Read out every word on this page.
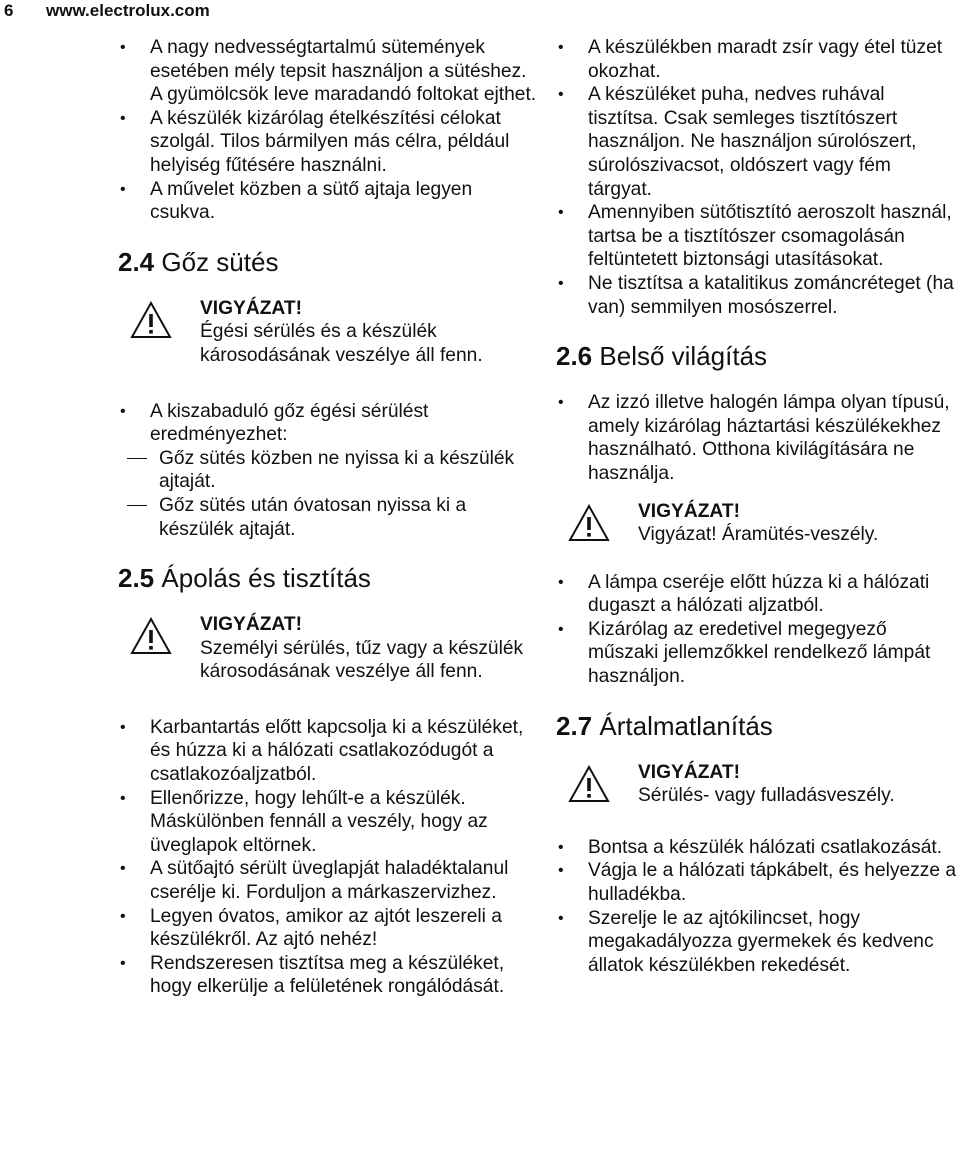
6	www.electrolux.com
• A nagy nedvességtartalmú sütemények esetében mély tepsit használjon a sütéshez. A gyümölcsök leve maradandó foltokat ejthet.
• A készülék kizárólag ételkészítési célokat szolgál. Tilos bármilyen más célra, például helyiség fűtésére használni.
• A művelet közben a sütő ajtaja legyen csukva.
2.4 Gőz sütés
VIGYÁZAT!
Égési sérülés és a készülék károsodásának veszélye áll fenn.
• A kiszabaduló gőz égési sérülést eredményezhet:
Gőz sütés közben ne nyissa ki a készülék ajtaját.
Gőz sütés után óvatosan nyissa ki a készülék ajtaját.
2.5 Ápolás és tisztítás
VIGYÁZAT!
Személyi sérülés, tűz vagy a készülék károsodásának veszélye áll fenn.
• Karbantartás előtt kapcsolja ki a készüléket, és húzza ki a hálózati csatlakozódugót a csatlakozóaljzatból.
• Ellenőrizze, hogy lehűlt-e a készülék. Máskülönben fennáll a veszély, hogy az üveglapok eltörnek.
• A sütőajtó sérült üveglapját haladéktalanul cserélje ki. Forduljon a márkaszervizhez.
• Legyen óvatos, amikor az ajtót leszereli a készülékről. Az ajtó nehéz!
• Rendszeresen tisztítsa meg a készüléket, hogy elkerülje a felületének rongálódását.
• A készülékben maradt zsír vagy étel tüzet okozhat.
• A készüléket puha, nedves ruhával tisztítsa. Csak semleges tisztítószert használjon. Ne használjon súrolószert, súrolószivacsot, oldószert vagy fém tárgyat.
• Amennyiben sütőtisztító aeroszolt használ, tartsa be a tisztítószer csomagolásán feltüntetett biztonsági utasításokat.
• Ne tisztítsa a katalitikus zománcréteget (ha van) semmilyen mosószerrel.
2.6 Belső világítás
• Az izzó illetve halogén lámpa olyan típusú, amely kizárólag háztartási készülékekhez használható. Otthona kivilágítására ne használja.
VIGYÁZAT!
Vigyázat! Áramütés-veszély.
• A lámpa cseréje előtt húzza ki a hálózati dugaszt a hálózati aljzatból.
• Kizárólag az eredetivel megegyező műszaki jellemzőkkel rendelkező lámpát használjon.
2.7 Ártalmatlanítás
VIGYÁZAT!
Sérülés- vagy fulladásveszély.
• Bontsa a készülék hálózati csatlakozását.
• Vágja le a hálózati tápkábelt, és helyezze a hulladékba.
• Szerelje le az ajtókilincset, hogy megakadályozza gyermekek és kedvenc állatok készülékben rekedését.
